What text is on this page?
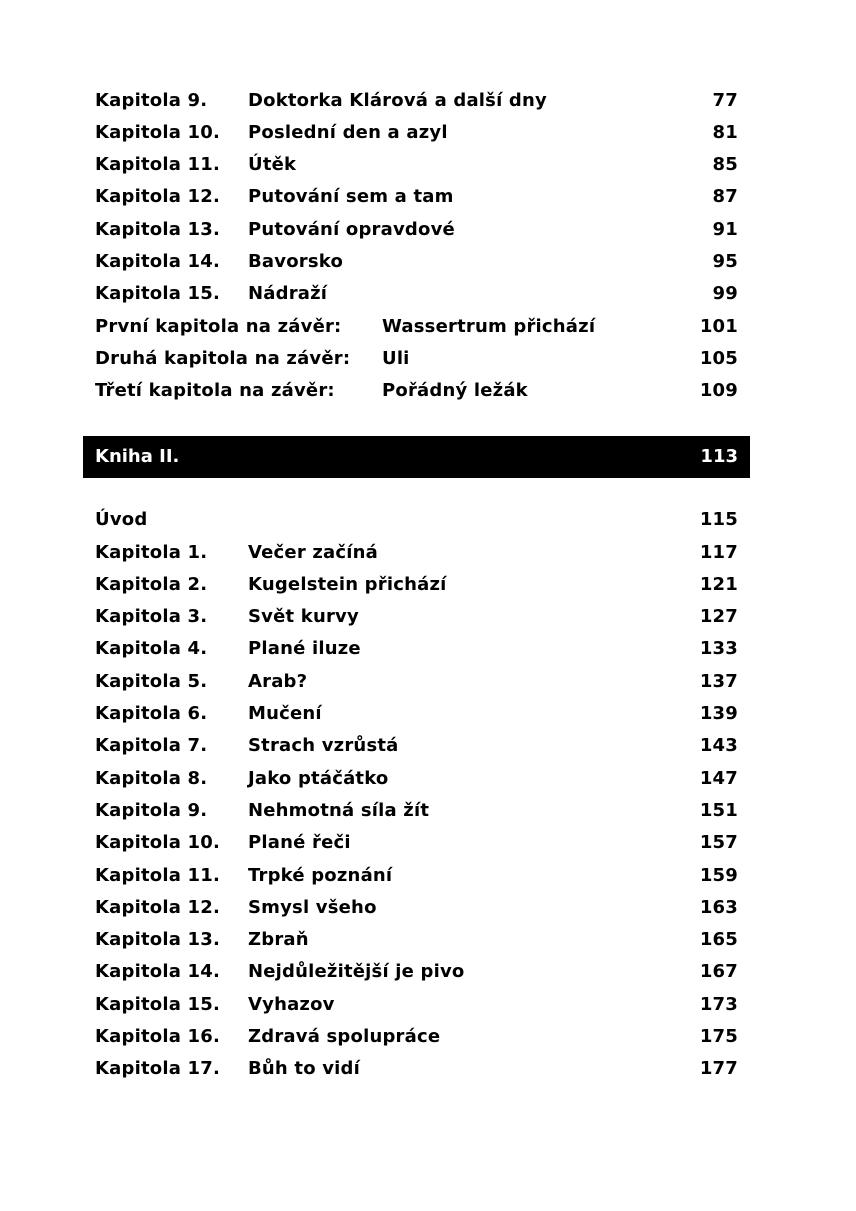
Kapitola 9. Doktorka Klárová a další dny	77
Kapitola 10. Poslední den a azyl	81
Kapitola 11. Útěk	85
Kapitola 12. Putování sem a tam	87
Kapitola 13. Putování opravdové	91
Kapitola 14. Bavorsko	95
Kapitola 15. Nádraží	99
První kapitola na závěr: Wassertrum přichází	101
Druhá kapitola na závěr: Uli	105
Třetí kapitola na závěr:	Pořádný ležák	109
Kniha II.	113
Úvod	115
Kapitola 1. Večer začíná	117
Kapitola 2. Kugelstein přichází	121
Kapitola 3. Svět kurvy	127
Kapitola 4. Plané iluze	133
Kapitola 5. Arab?	137
Kapitola 6. Mučení	139
Kapitola 7. Strach vzrůstá	143
Kapitola 8. Jako ptáčátko	147
Kapitola 9. Nehmotná síla žít	151
Kapitola 10. Plané řeči	157
Kapitola 11. Trpké poznání	159
Kapitola 12. Smysl všeho	163
Kapitola 13. Zbraň	165
Kapitola 14. Nejdůležitější je pivo	167
Kapitola 15. Vyhazov	173
Kapitola 16. Zdravá spolupráce	175
Kapitola 17. Bůh to vidí	177
